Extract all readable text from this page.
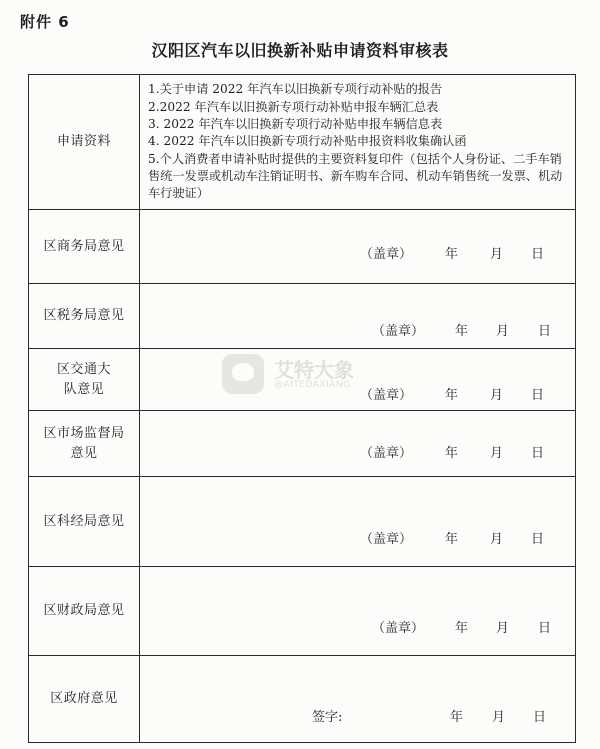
附件 6
汉阳区汽车以旧换新补贴申请资料审核表
申请资料	1.关于申请 2022 年汽车以旧换新专项行动补贴的报告
2.2022 年汽车以旧换新专项行动补贴申报车辆汇总表
3. 2022 年汽车以旧换新专项行动补贴申报车辆信息表
4. 2022 年汽车以旧换新专项行动补贴申报资料收集确认函
5.个人消费者申请补贴时提供的主要资料复印件（包括个人身份证、二手车销售统一发票或机动车注销证明书、新车购车合同、机动车销售统一发票、机动车行驶证）

区商务局意见	（盖章） 年 月 日

区税务局意见	（盖章） 年 月 日

区交通大队意见	（盖章） 年 月 日

区市场监督局意见	（盖章） 年 月 日

区科经局意见	（盖章） 年 月 日

区财政局意见	（盖章） 年 月 日

区政府意见	签字: 年 月 日
艾特大象
@AITEDAXIANG
